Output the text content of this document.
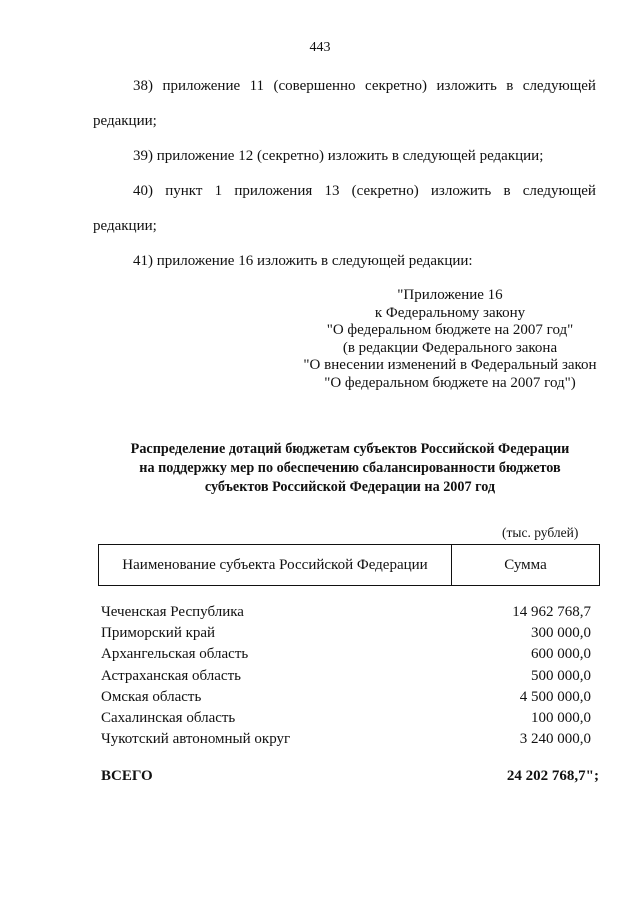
443
38) приложение 11 (совершенно секретно) изложить в следующей
редакции;
39) приложение 12 (секретно) изложить в следующей редакции;
40) пункт 1 приложения 13 (секретно) изложить в следующей
редакции;
41) приложение 16 изложить в следующей редакции:
"Приложение 16
к Федеральному закону
"О федеральном бюджете на 2007 год"
(в редакции Федерального закона
"О внесении изменений в Федеральный закон
"О федеральном бюджете на 2007 год")
Распределение дотаций бюджетам субъектов Российской Федерации
на поддержку мер по обеспечению сбалансированности бюджетов
субъектов Российской Федерации на 2007 год
(тыс. рублей)
Наименование субъекта Российской Федерации	Сумма
Чеченская Республика	14 962 768,7
Приморский край	300 000,0
Архангельская область	600 000,0
Астраханская область	500 000,0
Омская область	4 500 000,0
Сахалинская область	100 000,0
Чукотский автономный округ	3 240 000,0
ВСЕГО	24 202 768,7";
